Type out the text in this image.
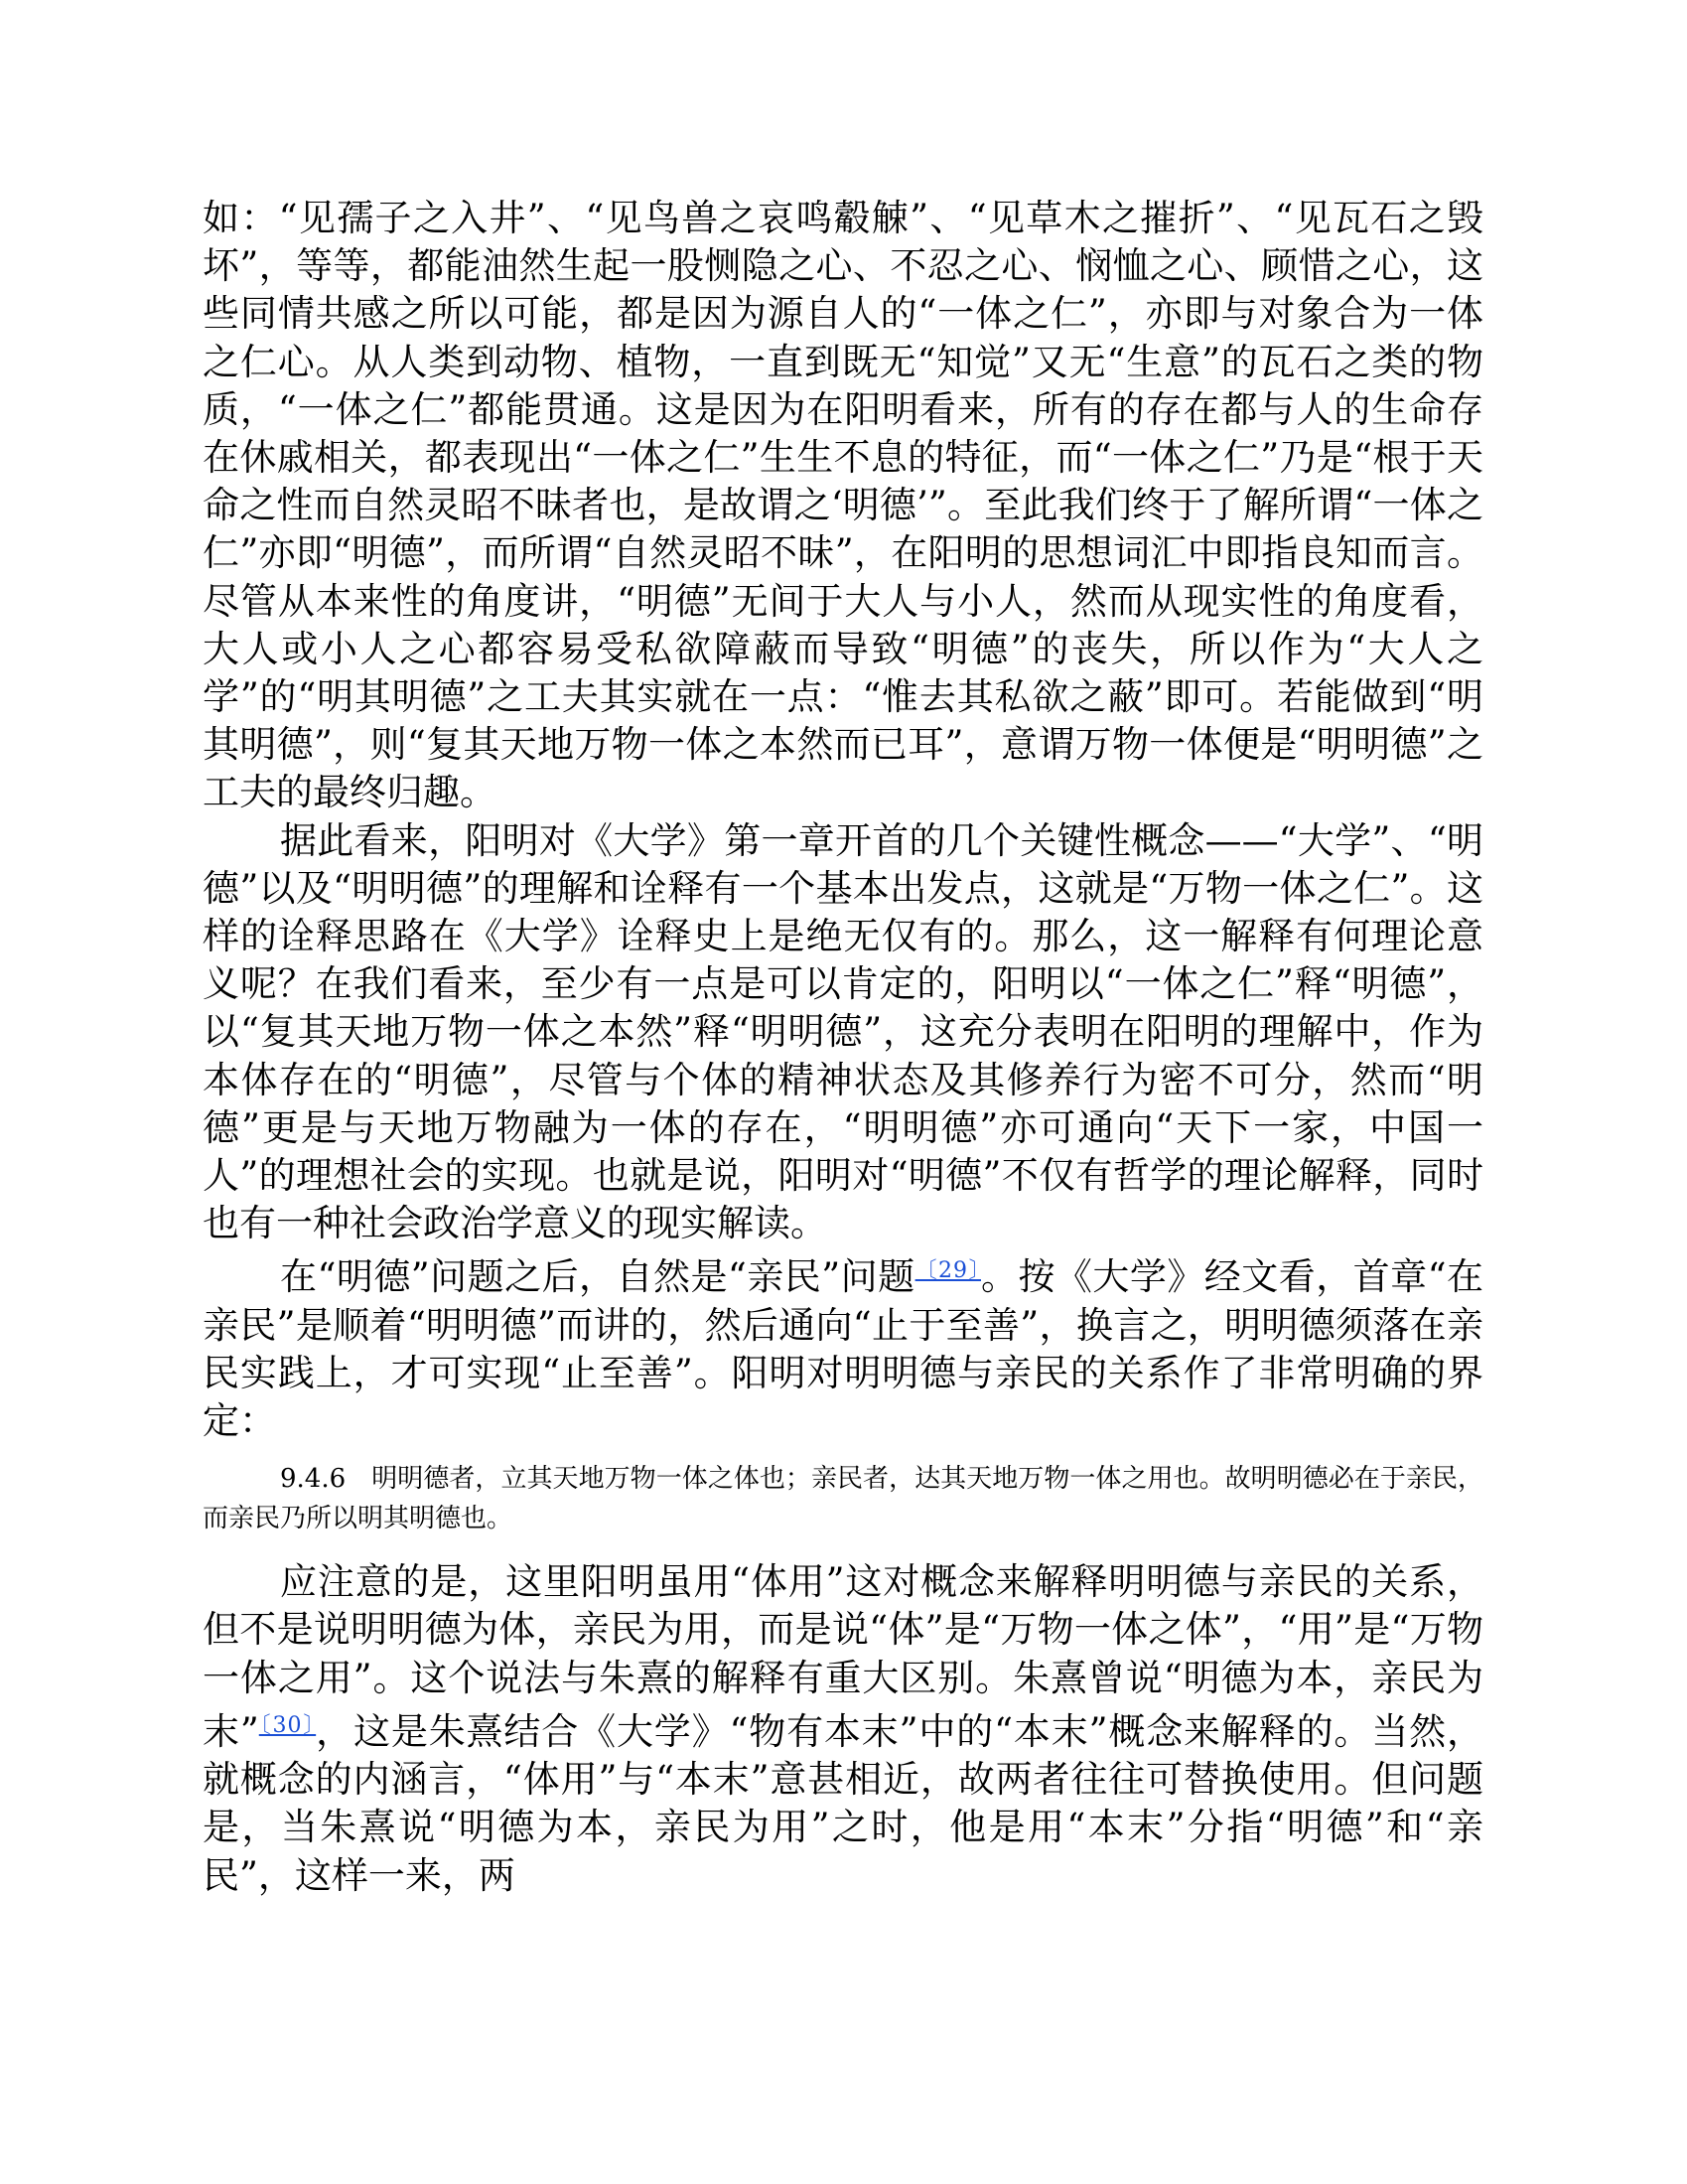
如：“见孺子之入井”、“见鸟兽之哀鸣觳觫”、“见草木之摧折”、“见瓦石之毁坏”，等等，都能油然生起一股恻隐之心、不忍之心、悯恤之心、顾惜之心，这些同情共感之所以可能，都是因为源自人的“一体之仁”，亦即与对象合为一体之仁心。从人类到动物、植物，一直到既无“知觉”又无“生意”的瓦石之类的物质，“一体之仁”都能贯通。这是因为在阳明看来，所有的存在都与人的生命存在休戚相关，都表现出“一体之仁”生生不息的特征，而“一体之仁”乃是“根于天命之性而自然灵昭不昧者也，是故谓之‘明德’”。至此我们终于了解所谓“一体之仁”亦即“明德”，而所谓“自然灵昭不昧”，在阳明的思想词汇中即指良知而言。尽管从本来性的角度讲，“明德”无间于大人与小人，然而从现实性的角度看，大人或小人之心都容易受私欲障蔽而导致“明德”的丧失，所以作为“大人之学”的“明其明德”之工夫其实就在一点：“惟去其私欲之蔽”即可。若能做到“明其明德”，则“复其天地万物一体之本然而已耳”，意谓万物一体便是“明明德”之工夫的最终归趣。

据此看来，阳明对《大学》第一章开首的几个关键性概念——“大学”、“明德”以及“明明德”的理解和诠释有一个基本出发点，这就是“万物一体之仁”。这样的诠释思路在《大学》诠释史上是绝无仅有的。那么，这一解释有何理论意义呢？在我们看来，至少有一点是可以肯定的，阳明以“一体之仁”释“明德”，以“复其天地万物一体之本然”释“明明德”，这充分表明在阳明的理解中，作为本体存在的“明德”，尽管与个体的精神状态及其修养行为密不可分，然而“明德”更是与天地万物融为一体的存在，“明明德”亦可通向“天下一家，中国一人”的理想社会的实现。也就是说，阳明对“明德”不仅有哲学的理论解释，同时也有一种社会政治学意义的现实解读。

在“明德”问题之后，自然是“亲民”问题$^{〔29〕}$。按《大学》经文看，首章“在亲民”是顺着“明明德”而讲的，然后通向“止于至善”，换言之，明明德须落在亲民实践上，才可实现“止至善”。阳明对明明德与亲民的关系作了非常明确的界定：

9.4.6　 明明德者，立其天地万物一体之体也；亲民者，达其天地万物一体之用也。故明明德必在于亲民，而亲民乃所以明其明德也。

应注意的是，这里阳明虽用“体用”这对概念来解释明明德与亲民的关系，但不是说明明德为体，亲民为用，而是说“体”是“万物一体之体”，“用”是“万物一体之用”。这个说法与朱熹的解释有重大区别。朱熹曾说“明德为本，亲民为末”$^{〔30〕}$，这是朱熹结合《大学》“物有本末”中的“本末”概念来解释的。当然，就概念的内涵言，“体用”与“本末”意甚相近，故两者往往可替换使用。但问题是，当朱熹说“明德为本，亲民为用”之时，他是用“本末”分指“明德”和“亲民”，这样一来，两
